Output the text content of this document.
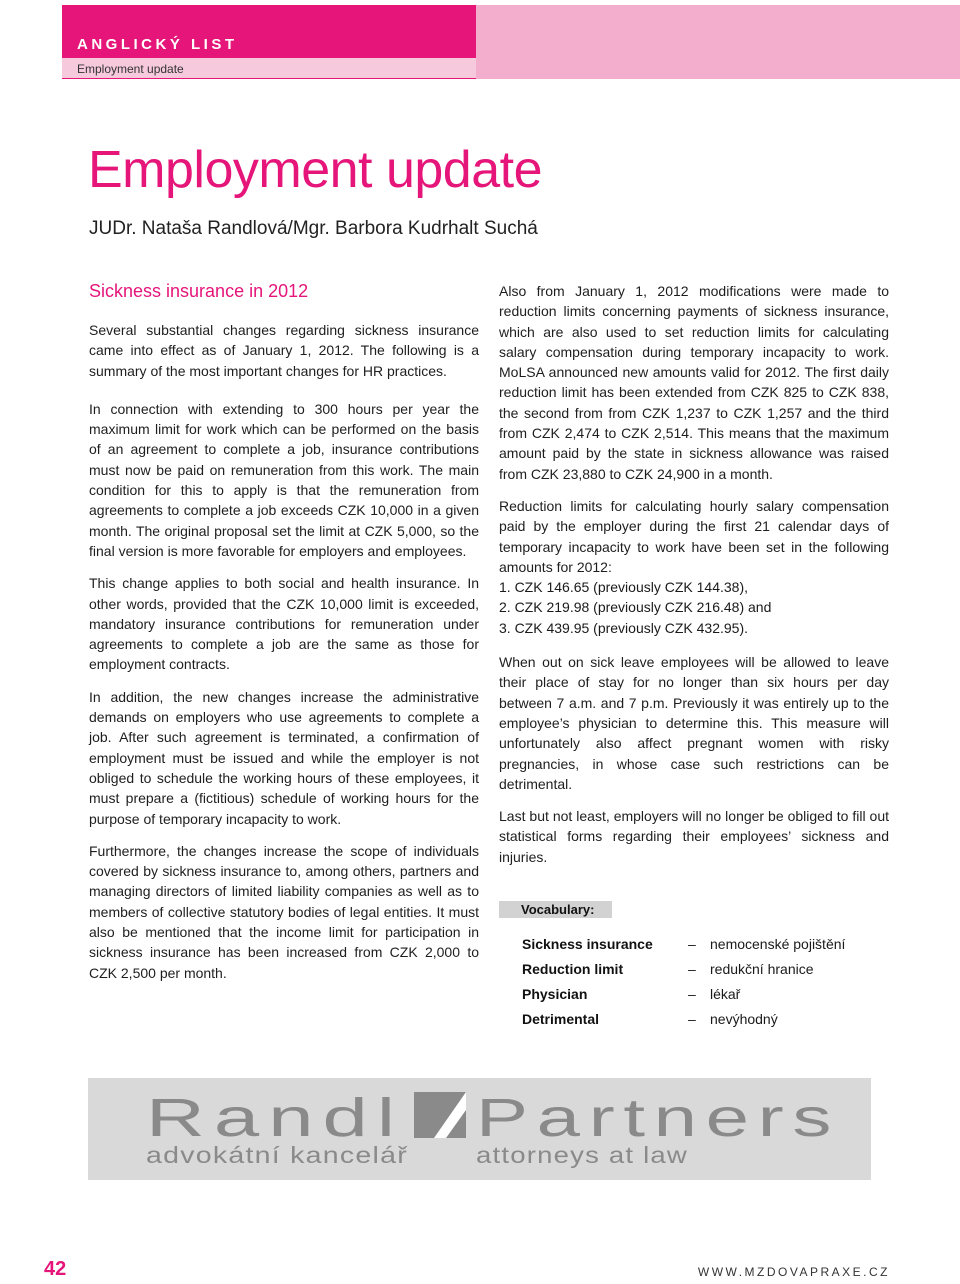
ANGLICKÝ LIST
Employment update
Employment update
JUDr. Nataša Randlová/Mgr. Barbora Kudrhalt Suchá
Sickness insurance in 2012

Several substantial changes regarding sickness insurance came into effect as of January 1, 2012. The following is a summary of the most important changes for HR practices.

In connection with extending to 300 hours per year the maximum limit for work which can be performed on the basis of an agreement to complete a job, insurance contributions must now be paid on remuneration from this work. The main condition for this to apply is that the remuneration from agreements to complete a job exceeds CZK 10,000 in a given month. The original proposal set the limit at CZK 5,000, so the final version is more favorable for employers and employees.

This change applies to both social and health insurance. In other words, provided that the CZK 10,000 limit is exceeded, mandatory insurance contributions for remuneration under agreements to complete a job are the same as those for employment contracts.

In addition, the new changes increase the administrative demands on employers who use agreements to complete a job. After such agreement is terminated, a confirmation of employment must be issued and while the employer is not obliged to schedule the working hours of these employees, it must prepare a (fictitious) schedule of working hours for the purpose of temporary incapacity to work.

Furthermore, the changes increase the scope of individuals covered by sickness insurance to, among others, partners and managing directors of limited liability companies as well as to members of collective statutory bodies of legal entities. It must also be mentioned that the income limit for participation in sickness insurance has been increased from CZK 2,000 to CZK 2,500 per month.

Also from January 1, 2012 modifications were made to reduction limits concerning payments of sickness insurance, which are also used to set reduction limits for calculating salary compensation during temporary incapacity to work. MoLSA announced new amounts valid for 2012. The first daily reduction limit has been extended from CZK 825 to CZK 838, the second from from CZK 1,237 to CZK 1,257 and the third from CZK 2,474 to CZK 2,514. This means that the maximum amount paid by the state in sickness allowance was raised from CZK 23,880 to CZK 24,900 in a month.

Reduction limits for calculating hourly salary compensation paid by the employer during the first 21 calendar days of temporary incapacity to work have been set in the following amounts for 2012:

1. CZK 146.65 (previously CZK 144.38),
2. CZK 219.98 (previously CZK 216.48) and
3. CZK 439.95 (previously CZK 432.95).

When out on sick leave employees will be allowed to leave their place of stay for no longer than six hours per day between 7 a.m. and 7 p.m. Previously it was entirely up to the employee’s physician to determine this. This measure will unfortunately also affect pregnant women with risky pregnancies, in whose case such restrictions can be detrimental.

Last but not least, employers will no longer be obliged to fill out statistical forms regarding their employees’ sickness and injuries.

Vocabulary:
Sickness insurance	–	nemocenské pojištění
Reduction limit	–	redukční hranice
Physician	–	lékař
Detrimental	–	nevýhodný
Randl Partners
advokátní kancelář	attorneys at law
42	WWW.MZDOVAPRAXE.CZ
